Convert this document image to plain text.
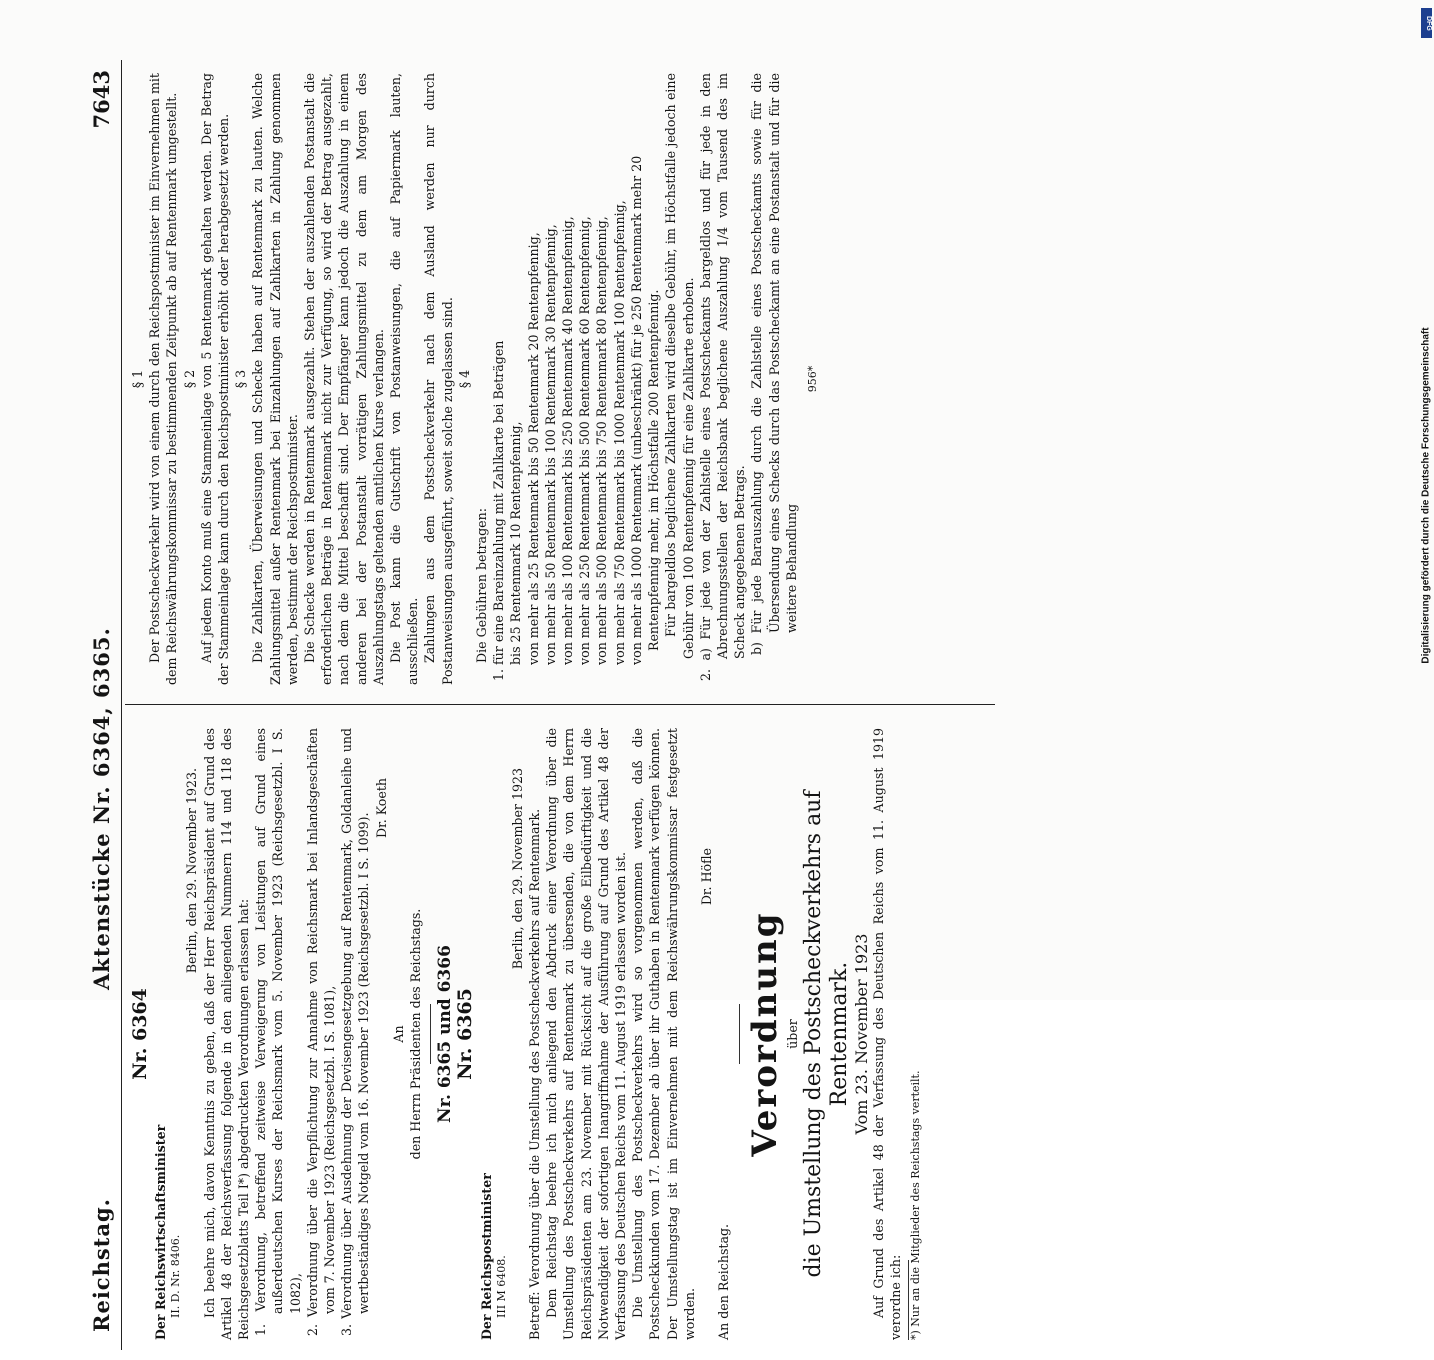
Reichstag.
Aktenstücke Nr. 6364, 6365.
7643

Nr. 6364

Der Reichswirtschaftsminister II. D. Nr. 8406.

Berlin, den 29. November 1923. Ich beehre mich, davon Kenntnis zu geben, daß der Herr Reichspräsident auf Grund des Artikel 48 der Reichsverfassung folgende in den anliegenden Nummern 114 und 118 des Reichsgesetzblatts Teil I*) abgedruckten Verordnungen erlassen hat: 1. Verordnung, betreffend zeitweise Verweigerung von Leistungen auf Grund eines außerdeutschen Kurses der Reichsmark vom 5. November 1923 (Reichsgesetzbl. I S. 1082), 2. Verordnung über die Verpflichtung zur Annahme von Reichsmark bei Inlandsgeschäften vom 7. November 1923 (Reichsgesetzbl. I S. 1081), 3. Verordnung über Ausdehnung der Devisengesetzgebung auf Rentenmark, Goldanleihe und wertbeständiges Notgeld vom 16. November 1923 (Reichsgesetzbl. I S. 1099).

Dr. Koeth

An den Herrn Präsidenten des Reichstags. Nr. 6365 und 6366 Nr. 6365

Der Reichspostminister III M 6408.

Berlin, den 29. November 1923 Betreff: Verordnung über die Umstellung des Postscheckverkehrs auf Rentenmark. Dem Reichstag beehre ich mich anliegend den Abdruck einer Verordnung über die Umstellung des Postscheckverkehrs auf Rentenmark zu übersenden, die von dem Herrn Reichspräsidenten am 23. November mit Rücksicht auf die große Eilbedürftigkeit und die Notwendigkeit der sofortigen Inangriffnahme der Ausführung auf Grund des Artikel 48 der Verfassung des Deutschen Reichs vom 11. August 1919 erlassen worden ist. Die Umstellung des Postscheckverkehrs wird so vorgenommen werden, daß die Postscheckkunden vom 17. Dezember ab über ihr Guthaben in Rentenmark verfügen können. Der Umstellungstag ist im Einvernehmen mit dem Reichswährungskommissar festgesetzt worden.

Dr. Höfle

An den Reichstag.

Verordnung über die Umstellung des Postscheckverkehrs auf Rentenmark. Vom 23. November 1923 Auf Grund des Artikel 48 der Verfassung des Deutschen Reichs vom 11. August 1919 verordne ich: *) Nur an die Mitglieder des Reichstags verteilt.

§ 1 Der Postscheckverkehr wird von einem durch den Reichspostminister im Einvernehmen mit dem Reichswährungskommissar zu bestimmenden Zeitpunkt ab auf Rentenmark umgestellt. § 2 Auf jedem Konto muß eine Stammeinlage von 5 Rentenmark gehalten werden. Der Betrag der Stammeinlage kann durch den Reichspostminister erhöht oder herabgesetzt werden. § 3 Die Zahlkarten, Überweisungen und Schecke haben auf Rentenmark zu lauten. Welche Zahlungsmittel außer Rentenmark bei Einzahlungen auf Zahlkarten in Zahlung genommen werden, bestimmt der Reichspostminister. Die Schecke werden in Rentenmark ausgezahlt. Stehen der auszahlenden Postanstalt die erforderlichen Beträge in Rentenmark nicht zur Verfügung, so wird der Betrag ausgezahlt, nach dem die Mittel beschafft sind. Der Empfänger kann jedoch die Auszahlung in einem anderen bei der Postanstalt vorrätigen Zahlungsmittel zu dem am Morgen des Auszahlungstags geltenden amtlichen Kurse verlangen. Die Post kann die Gutschrift von Postanweisungen, die auf Papiermark lauten, ausschließen. Zahlungen aus dem Postscheckverkehr nach dem Ausland werden nur durch Postanweisungen ausgeführt, soweit solche zugelassen sind. § 4

Die Gebühren betragen: 1. für eine Bareinzahlung mit Zahlkarte bei Beträgen bis 25 Rentenmark 10 Rentenpfennig, von mehr als 25 Rentenmark bis 50 Rentenmark 20 Rentenpfennig, von mehr als 50 Rentenmark bis 100 Rentenmark 30 Rentenpfennig, von mehr als 100 Rentenmark bis 250 Rentenmark 40 Rentenpfennig, von mehr als 250 Rentenmark bis 500 Rentenmark 60 Rentenpfennig, von mehr als 500 Rentenmark bis 750 Rentenmark 80 Rentenpfennig, von mehr als 750 Rentenmark bis 1000 Rentenmark 100 Rentenpfennig, von mehr als 1000 Rentenmark (unbeschränkt) für je 250 Rentenmark mehr 20 Rentenpfennig mehr, im Höchstfalle 200 Rentenpfennig. Für bargeldlos beglichene Zahlkarten wird dieselbe Gebühr, im Höchstfalle jedoch eine Gebühr von 100 Rentenpfennig für eine Zahlkarte erhoben. 2. a) Für jede von der Zahlstelle eines Postscheckamts bargeldlos und für jede in den Abrechnungsstellen der Reichsbank beglichene Auszahlung 1/4 vom Tausend des im Scheck angegebenen Betrags. b) Für jede Barauszahlung durch die Zahlstelle eines Postscheckamts sowie für die Übersendung eines Schecks durch das Postscheckamt an eine Postanstalt und für die weitere Behandlung

956*	Digitalisierung gefördert durch die Deutsche Forschungsgemeinschaft
DFG
